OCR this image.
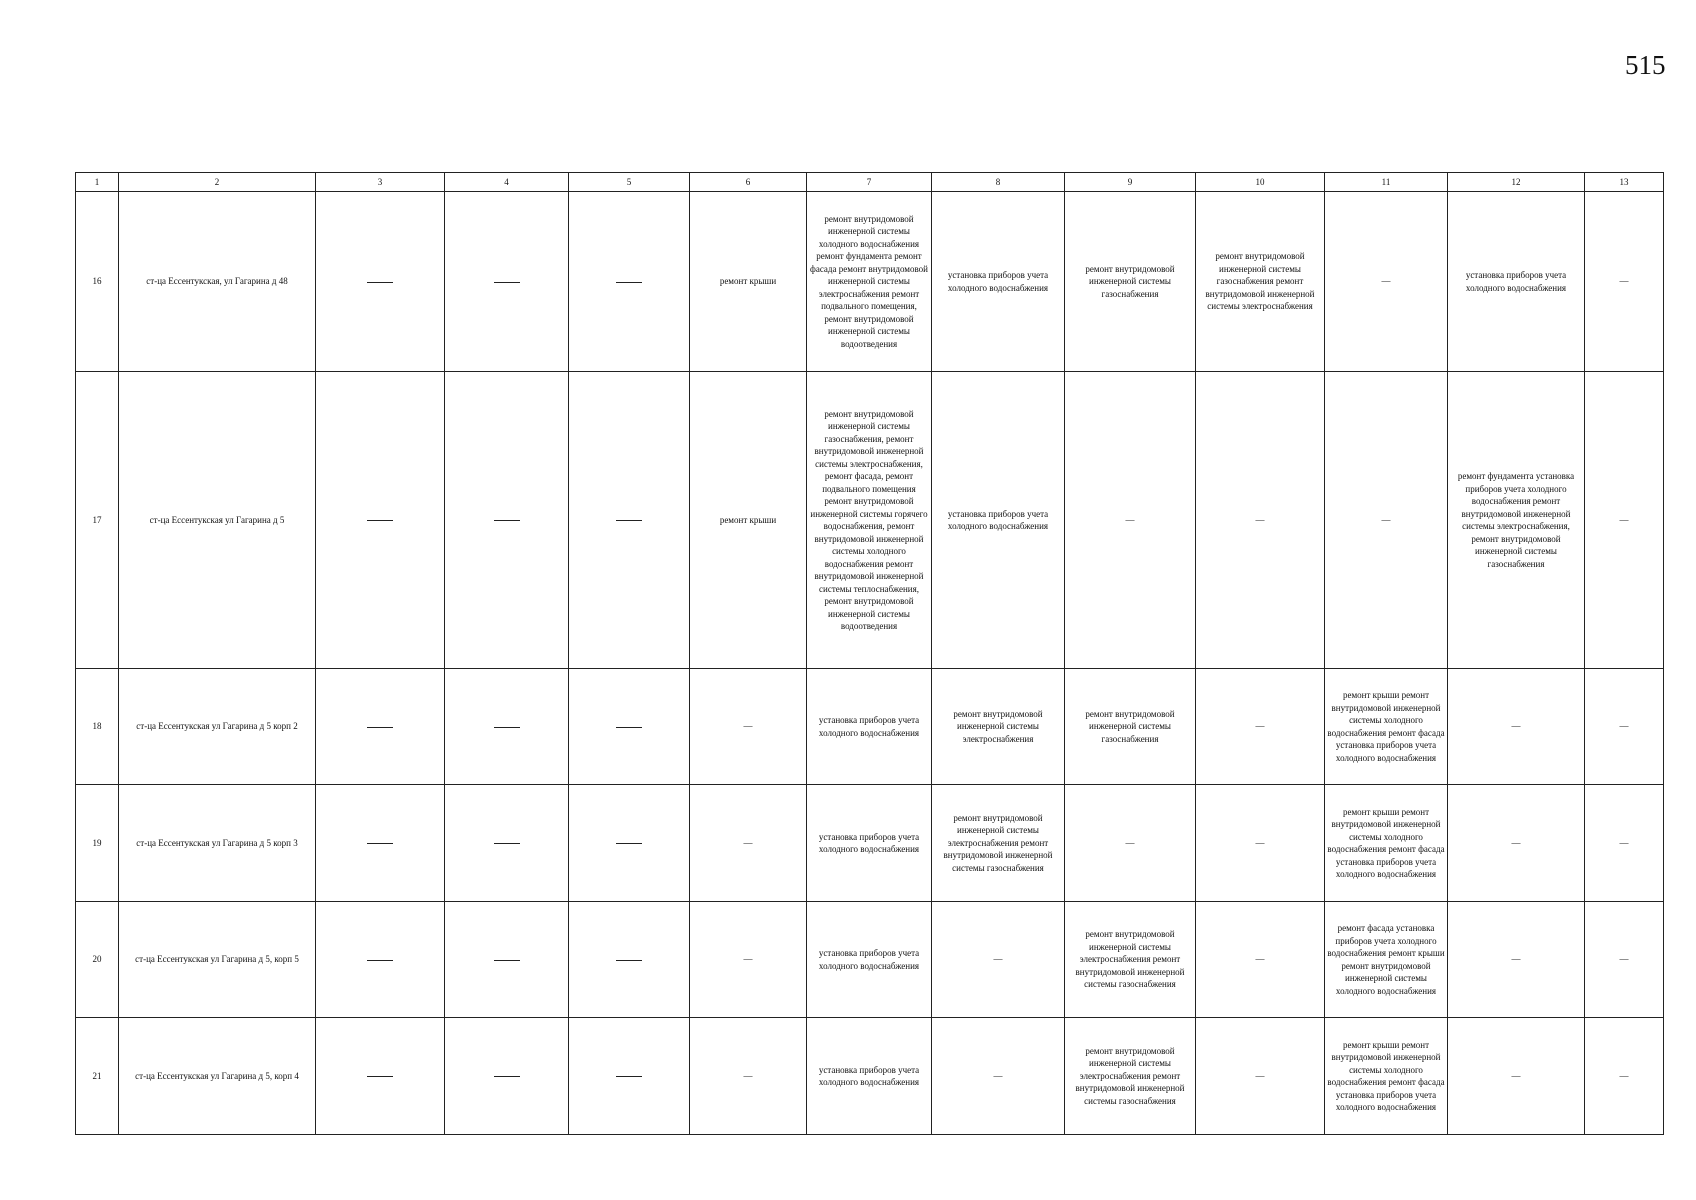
515
1	2	3	4	5	6	7	8	9	10	11	12	13
16	ст-ца Ессентукская, ул Гагарина д 48				ремонт крыши	ремонт внутридомовой инженерной системы холодного водоснабжения ремонт фундамента ремонт фасада ремонт внутридомовой инженерной системы электроснабжения ремонт подвального помещения, ремонт внутридомовой инженерной системы водоотведения	установка приборов учета холодного водоснабжения	ремонт внутридомовой инженерной системы газоснабжения	ремонт внутридомовой инженерной системы газоснабжения ремонт внутридомовой инженерной системы электроснабжения	—	установка приборов учета холодного водоснабжения	—
17	ст-ца Ессентукская ул Гагарина д 5				ремонт крыши	ремонт внутридомовой инженерной системы газоснабжения, ремонт внутридомовой инженерной системы электроснабжения, ремонт фасада, ремонт подвального помещения ремонт внутридомовой инженерной системы горячего водоснабжения, ремонт внутридомовой инженерной системы холодного водоснабжения ремонт внутридомовой инженерной системы теплоснабжения, ремонт внутридомовой инженерной системы водоотведения	установка приборов учета холодного водоснабжения	—	—	—	ремонт фундамента установка приборов учета холодного водоснабжения ремонт внутридомовой инженерной системы электроснабжения, ремонт внутридомовой инженерной системы газоснабжения	—
18	ст-ца Ессентукская ул Гагарина д 5 корп 2				—	установка приборов учета холодного водоснабжения	ремонт внутридомовой инженерной системы электроснабжения	ремонт внутридомовой инженерной системы газоснабжения	—	ремонт крыши ремонт внутридомовой инженерной системы холодного водоснабжения ремонт фасада установка приборов учета холодного водоснабжения	—	—
19	ст-ца Ессентукская ул Гагарина д 5 корп 3				—	установка приборов учета холодного водоснабжения	ремонт внутридомовой инженерной системы электроснабжения ремонт внутридомовой инженерной системы газоснабжения	—	—	ремонт крыши ремонт внутридомовой инженерной системы холодного водоснабжения ремонт фасада установка приборов учета холодного водоснабжения	—	—
20	ст-ца Ессентукская ул Гагарина д 5, корп 5				—	установка приборов учета холодного водоснабжения	—	ремонт внутридомовой инженерной системы электроснабжения ремонт внутридомовой инженерной системы газоснабжения	—	ремонт фасада установка приборов учета холодного водоснабжения ремонт крыши ремонт внутридомовой инженерной системы холодного водоснабжения	—	—
21	ст-ца Ессентукская ул Гагарина д 5, корп 4				—	установка приборов учета холодного водоснабжения	—	ремонт внутридомовой инженерной системы электроснабжения ремонт внутридомовой инженерной системы газоснабжения	—	ремонт крыши ремонт внутридомовой инженерной системы холодного водоснабжения ремонт фасада установка приборов учета холодного водоснабжения	—	—
